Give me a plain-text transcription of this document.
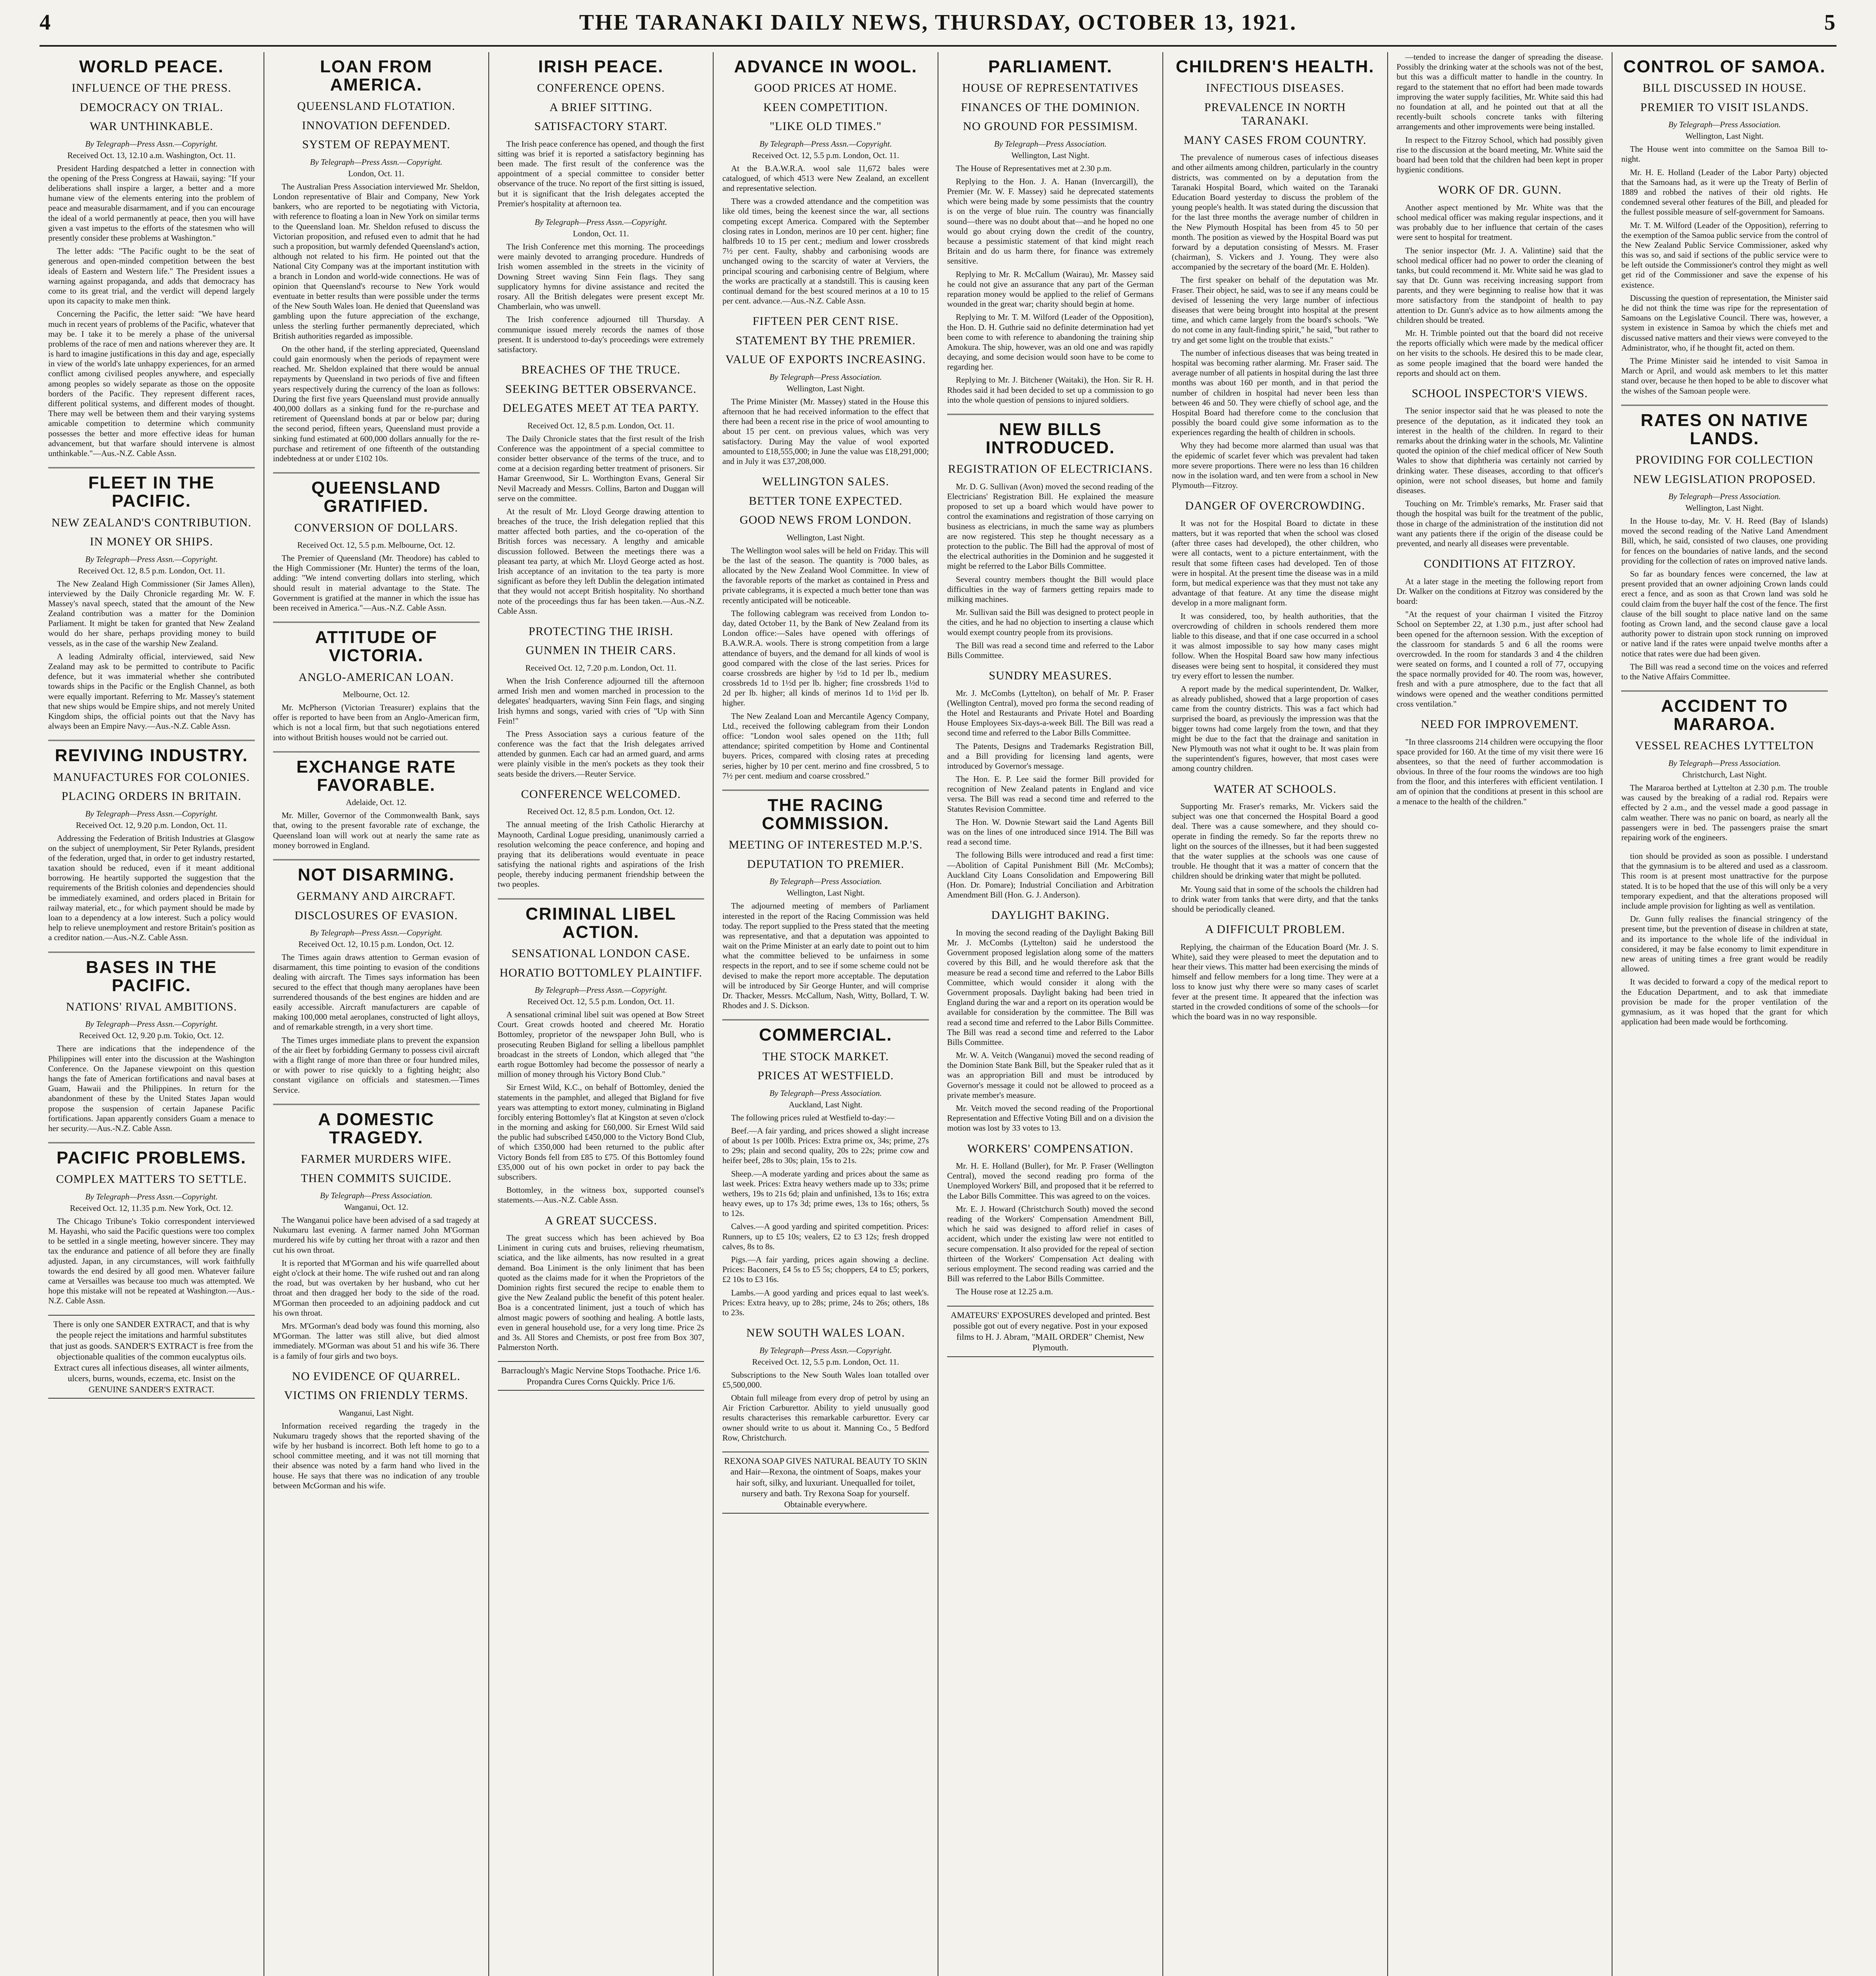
4	THE TARANAKI DAILY NEWS, THURSDAY, OCTOBER 13, 1921.	5
WORLD PEACE.
INFLUENCE OF THE PRESS.
DEMOCRACY ON TRIAL.
WAR UNTHINKABLE.
By Telegraph—Press Assn.—Copyright.
Received Oct. 13, 12.10 a.m. Washington, Oct. 11.

President Harding despatched a letter in connection with the opening of the Press Congress at Hawaii, saying: "If your deliberations shall inspire a larger, a better and a more humane view of the elements entering into the problem of peace and measurable disarmament, and if you can encourage the ideal of a world permanently at peace, then you will have given a vast impetus to the efforts of the statesmen who will presently consider these problems at Washington."

The letter adds: "The Pacific ought to be the seat of generous and open-minded competition between the best ideals of Eastern and Western life." The President issues a warning against propaganda, and adds that democracy has come to its great trial, and the verdict will depend largely upon its capacity to make men think.

Concerning the Pacific, the letter said: "We have heard much in recent years of problems of the Pacific, whatever that may be. I take it to be merely a phase of the universal problems of the race of men and nations wherever they are. It is hard to imagine justifications in this day and age, especially in view of the world's late unhappy experiences, for an armed conflict among civilised peoples anywhere, and especially among peoples so widely separate as those on the opposite borders of the Pacific. They represent different races, different political systems, and different modes of thought. There may well be between them and their varying systems amicable competition to determine which community possesses the better and more effective ideas for human advancement, but that warfare should intervene is almost unthinkable."—Aus.-N.Z. Cable Assn.

FLEET IN THE PACIFIC.
NEW ZEALAND'S CONTRIBUTION.
IN MONEY OR SHIPS.
By Telegraph—Press Assn.—Copyright.
Received Oct. 12, 8.5 p.m. London, Oct. 11.

The New Zealand High Commissioner (Sir James Allen), interviewed by the Daily Chronicle regarding Mr. W. F. Massey's naval speech, stated that the amount of the New Zealand contribution was a matter for the Dominion Parliament. It might be taken for granted that New Zealand would do her share, perhaps providing money to build vessels, as in the case of the warship New Zealand.

A leading Admiralty official, interviewed, said New Zealand may ask to be permitted to contribute to Pacific defence, but it was immaterial whether she contributed towards ships in the Pacific or the English Channel, as both were equally important. Referring to Mr. Massey's statement that new ships would be Empire ships, and not merely United Kingdom ships, the official points out that the Navy has always been an Empire Navy.—Aus.-N.Z. Cable Assn.

REVIVING INDUSTRY.
MANUFACTURES FOR COLONIES.
PLACING ORDERS IN BRITAIN.
By Telegraph—Press Assn.—Copyright.
Received Oct. 12, 9.20 p.m. London, Oct. 11.

Addressing the Federation of British Industries at Glasgow on the subject of unemployment, Sir Peter Rylands, president of the federation, urged that, in order to get industry restarted, taxation should be reduced, even if it meant additional borrowing. He heartily supported the suggestion that the requirements of the British colonies and dependencies should be immediately examined, and orders placed in Britain for railway material, etc., for which payment should be made by loan to a dependency at a low interest. Such a policy would help to relieve unemployment and restore Britain's position as a creditor nation.—Aus.-N.Z. Cable Assn.

BASES IN THE PACIFIC.
NATIONS' RIVAL AMBITIONS.
By Telegraph—Press Assn.—Copyright.
Received Oct. 12, 9.20 p.m. Tokio, Oct. 12.

There are indications that the independence of the Philippines will enter into the discussion at the Washington Conference. On the Japanese viewpoint on this question hangs the fate of American fortifications and naval bases at Guam, Hawaii and the Philippines. In return for the abandonment of these by the United States Japan would propose the suspension of certain Japanese Pacific fortifications. Japan apparently considers Guam a menace to her security.—Aus.-N.Z. Cable Assn.

PACIFIC PROBLEMS.
COMPLEX MATTERS TO SETTLE.
By Telegraph—Press Assn.—Copyright.
Received Oct. 12, 11.35 p.m. New York, Oct. 12.

The Chicago Tribune's Tokio correspondent interviewed M. Hayashi, who said the Pacific questions were too complex to be settled in a single meeting, however sincere. They may tax the endurance and patience of all before they are finally adjusted. Japan, in any circumstances, will work faithfully towards the end desired by all good men. Whatever failure came at Versailles was because too much was attempted. We hope this mistake will not be repeated at Washington.—Aus.-N.Z. Cable Assn.

There is only one SANDER EXTRACT, and that is why the people reject the imitations and harmful substitutes that just as goods. SANDER'S EXTRACT is free from the objectionable qualities of the common eucalyptus oils. Extract cures all infectious diseases, all winter ailments, ulcers, burns, wounds, eczema, etc. Insist on the GENUINE SANDER'S EXTRACT.
LOAN FROM AMERICA.
QUEENSLAND FLOTATION.
INNOVATION DEFENDED.
SYSTEM OF REPAYMENT.
By Telegraph—Press Assn.—Copyright.
London, Oct. 11.

The Australian Press Association interviewed Mr. Sheldon, London representative of Blair and Company, New York bankers, who are reported to be negotiating with Victoria, with reference to floating a loan in New York on similar terms to the Queensland loan. Mr. Sheldon refused to discuss the Victorian proposition, and refused even to admit that he had such a proposition, but warmly defended Queensland's action, although not related to his firm. He pointed out that the National City Company was at the important institution with a branch in London and world-wide connections. He was of opinion that Queensland's recourse to New York would eventuate in better results than were possible under the terms of the New South Wales loan. He denied that Queensland was gambling upon the future appreciation of the exchange, unless the sterling further permanently depreciated, which British authorities regarded as impossible.

On the other hand, if the sterling appreciated, Queensland could gain enormously when the periods of repayment were reached. Mr. Sheldon explained that there would be annual repayments by Queensland in two periods of five and fifteen years respectively during the currency of the loan as follows: During the first five years Queensland must provide annually 400,000 dollars as a sinking fund for the re-purchase and retirement of Queensland bonds at par or below par; during the second period, fifteen years, Queensland must provide a sinking fund estimated at 600,000 dollars annually for the re-purchase and retirement of one fifteenth of the outstanding indebtedness at or under £102 10s.

QUEENSLAND GRATIFIED.
CONVERSION OF DOLLARS.
Received Oct. 12, 5.5 p.m. Melbourne, Oct. 12.

The Premier of Queensland (Mr. Theodore) has cabled to the High Commissioner (Mr. Hunter) the terms of the loan, adding: "We intend converting dollars into sterling, which should result in material advantage to the State. The Government is gratified at the manner in which the issue has been received in America."—Aus.-N.Z. Cable Assn.

ATTITUDE OF VICTORIA.
ANGLO-AMERICAN LOAN.
Melbourne, Oct. 12.

Mr. McPherson (Victorian Treasurer) explains that the offer is reported to have been from an Anglo-American firm, which is not a local firm, but that such negotiations entered into without British houses would not be carried out.

EXCHANGE RATE FAVORABLE.
Adelaide, Oct. 12.

Mr. Miller, Governor of the Commonwealth Bank, says that, owing to the present favorable rate of exchange, the Queensland loan will work out at nearly the same rate as money borrowed in England.

NOT DISARMING.
GERMANY AND AIRCRAFT.
DISCLOSURES OF EVASION.
By Telegraph—Press Assn.—Copyright.
Received Oct. 12, 10.15 p.m. London, Oct. 12.

The Times again draws attention to German evasion of disarmament, this time pointing to evasion of the conditions dealing with aircraft. The Times says information has been secured to the effect that though many aeroplanes have been surrendered thousands of the best engines are hidden and are easily accessible. Aircraft manufacturers are capable of making 100,000 metal aeroplanes, constructed of light alloys, and of remarkable strength, in a very short time.

The Times urges immediate plans to prevent the expansion of the air fleet by forbidding Germany to possess civil aircraft with a flight range of more than three or four hundred miles, or with power to rise quickly to a fighting height; also constant vigilance on officials and statesmen.—Times Service.

A DOMESTIC TRAGEDY.
FARMER MURDERS WIFE.
THEN COMMITS SUICIDE.
By Telegraph—Press Association.
Wanganui, Oct. 12.

The Wanganui police have been advised of a sad tragedy at Nukumaru last evening. A farmer named John M'Gorman murdered his wife by cutting her throat with a razor and then cut his own throat.

It is reported that M'Gorman and his wife quarrelled about eight o'clock at their home. The wife rushed out and ran along the road, but was overtaken by her husband, who cut her throat and then dragged her body to the side of the road. M'Gorman then proceeded to an adjoining paddock and cut his own throat.

Mrs. M'Gorman's dead body was found this morning, also M'Gorman. The latter was still alive, but died almost immediately. M'Gorman was about 51 and his wife 36. There is a family of four girls and two boys.

NO EVIDENCE OF QUARREL.
VICTIMS ON FRIENDLY TERMS.
Wanganui, Last Night.

Information received regarding the tragedy in the Nukumaru tragedy shows that the reported shaving of the wife by her husband is incorrect. Both left home to go to a school committee meeting, and it was not till morning that their absence was noted by a farm hand who lived in the house. He says that there was no indication of any trouble between McGorman and his wife.

IRISH PEACE.
CONFERENCE OPENS.
A BRIEF SITTING.
SATISFACTORY START.

The Irish peace conference has opened, and though the first sitting was brief it is reported a satisfactory beginning has been made. The first result of the conference was the appointment of a special committee to consider better observance of the truce. No report of the first sitting is issued, but it is significant that the Irish delegates accepted the Premier's hospitality at afternoon tea.

By Telegraph—Press Assn.—Copyright.
London, Oct. 11.

The Irish Conference met this morning. The proceedings were mainly devoted to arranging procedure. Hundreds of Irish women assembled in the streets in the vicinity of Downing Street waving Sinn Fein flags. They sang supplicatory hymns for divine assistance and recited the rosary. All the British delegates were present except Mr. Chamberlain, who was unwell.

The Irish conference adjourned till Thursday. A communique issued merely records the names of those present. It is understood to-day's proceedings were extremely satisfactory.

BREACHES OF THE TRUCE.
SEEKING BETTER OBSERVANCE.
DELEGATES MEET AT TEA PARTY.
Received Oct. 12, 8.5 p.m. London, Oct. 11.

The Daily Chronicle states that the first result of the Irish Conference was the appointment of a special committee to consider better observance of the terms of the truce, and to come at a decision regarding better treatment of prisoners. Sir Hamar Greenwood, Sir L. Worthington Evans, General Sir Nevil Macready and Messrs. Collins, Barton and Duggan will serve on the committee.

At the result of Mr. Lloyd George drawing attention to breaches of the truce, the Irish delegation replied that this matter affected both parties, and the co-operation of the British forces was necessary. A lengthy and amicable discussion followed. Between the meetings there was a pleasant tea party, at which Mr. Lloyd George acted as host. Irish acceptance of an invitation to the tea party is more significant as before they left Dublin the delegation intimated that they would not accept British hospitality. No shorthand note of the proceedings thus far has been taken.—Aus.-N.Z. Cable Assn.

PROTECTING THE IRISH.
GUNMEN IN THEIR CARS.
Received Oct. 12, 7.20 p.m. London, Oct. 11.

When the Irish Conference adjourned till the afternoon armed Irish men and women marched in procession to the delegates' headquarters, waving Sinn Fein flags, and singing Irish hymns and songs, varied with cries of "Up with Sinn Fein!"

The Press Association says a curious feature of the conference was the fact that the Irish delegates arrived attended by gunmen. Each car had an armed guard, and arms were plainly visible in the men's pockets as they took their seats beside the drivers.—Reuter Service.

CONFERENCE WELCOMED.
Received Oct. 12, 8.5 p.m. London, Oct. 12.

The annual meeting of the Irish Catholic Hierarchy at Maynooth, Cardinal Logue presiding, unanimously carried a resolution welcoming the peace conference, and hoping and praying that its deliberations would eventuate in peace satisfying the national rights and aspirations of the Irish people, thereby inducing permanent friendship between the two peoples.

CRIMINAL LIBEL ACTION.
SENSATIONAL LONDON CASE.
HORATIO BOTTOMLEY PLAINTIFF.
By Telegraph—Press Assn.—Copyright.
Received Oct. 12, 5.5 p.m. London, Oct. 11.

A sensational criminal libel suit was opened at Bow Street Court. Great crowds hooted and cheered Mr. Horatio Bottomley, proprietor of the newspaper John Bull, who is prosecuting Reuben Bigland for selling a libellous pamphlet broadcast in the streets of London, which alleged that "the earth rogue Bottomley had become the possessor of nearly a million of money through his Victory Bond Club."

Sir Ernest Wild, K.C., on behalf of Bottomley, denied the statements in the pamphlet, and alleged that Bigland for five years was attempting to extort money, culminating in Bigland forcibly entering Bottomley's flat at Kingston at seven o'clock in the morning and asking for £60,000. Sir Ernest Wild said the public had subscribed £450,000 to the Victory Bond Club, of which £350,000 had been returned to the public after Victory Bonds fell from £85 to £75. Of this Bottomley found £35,000 out of his own pocket in order to pay back the subscribers.

Bottomley, in the witness box, supported counsel's statements.—Aus.-N.Z. Cable Assn.

A GREAT SUCCESS.

The great success which has been achieved by Boa Liniment in curing cuts and bruises, relieving rheumatism, sciatica, and the like ailments, has now resulted in a great demand. Boa Liniment is the only liniment that has been quoted as the claims made for it when the Proprietors of the Dominion rights first secured the recipe to enable them to give the New Zealand public the benefit of this potent healer. Boa is a concentrated liniment, just a touch of which has almost magic powers of soothing and healing. A bottle lasts, even in general household use, for a very long time. Price 2s and 3s. All Stores and Chemists, or post free from Box 307, Palmerston North.

Barraclough's Magic Nervine Stops Toothache. Price 1/6. Propandra Cures Corns Quickly. Price 1/6.
ADVANCE IN WOOL.
GOOD PRICES AT HOME.
KEEN COMPETITION.
"LIKE OLD TIMES."
By Telegraph—Press Assn.—Copyright.
Received Oct. 12, 5.5 p.m. London, Oct. 11.

At the B.A.W.R.A. wool sale 11,672 bales were catalogued, of which 4513 were New Zealand, an excellent and representative selection.

There was a crowded attendance and the competition was like old times, being the keenest since the war, all sections competing except America. Compared with the September closing rates in London, merinos are 10 per cent. higher; fine halfbreds 10 to 15 per cent.; medium and lower crossbreds 7½ per cent. Faulty, shabby and carbonising woods are unchanged owing to the scarcity of water at Verviers, the principal scouring and carbonising centre of Belgium, where the works are practically at a standstill. This is causing keen continual demand for the best scoured merinos at a 10 to 15 per cent. advance.—Aus.-N.Z. Cable Assn.

FIFTEEN PER CENT RISE.
STATEMENT BY THE PREMIER.
VALUE OF EXPORTS INCREASING.
By Telegraph—Press Association.
Wellington, Last Night.

The Prime Minister (Mr. Massey) stated in the House this afternoon that he had received information to the effect that there had been a recent rise in the price of wool amounting to about 15 per cent. on previous values, which was very satisfactory. During May the value of wool exported amounted to £18,555,000; in June the value was £18,291,000; and in July it was £37,208,000.

WELLINGTON SALES.
BETTER TONE EXPECTED.
GOOD NEWS FROM LONDON.
Wellington, Last Night.

The Wellington wool sales will be held on Friday. This will be the last of the season. The quantity is 7000 bales, as allocated by the New Zealand Wool Committee. In view of the favorable reports of the market as contained in Press and private cablegrams, it is expected a much better tone than was recently anticipated will be noticeable.

The following cablegram was received from London to-day, dated October 11, by the Bank of New Zealand from its London office:—Sales have opened with offerings of B.A.W.R.A. wools. There is strong competition from a large attendance of buyers, and the demand for all kinds of wool is good compared with the close of the last series. Prices for coarse crossbreds are higher by ½d to 1d per lb., medium crossbreds 1d to 1½d per lb. higher; fine crossbreds 1½d to 2d per lb. higher; all kinds of merinos 1d to 1½d per lb. higher.

The New Zealand Loan and Mercantile Agency Company, Ltd., received the following cablegram from their London office: "London wool sales opened on the 11th; full attendance; spirited competition by Home and Continental buyers. Prices, compared with closing rates at preceding series, higher by 10 per cent. merino and fine crossbred, 5 to 7½ per cent. medium and coarse crossbred."

THE RACING COMMISSION.
MEETING OF INTERESTED M.P.'S.
DEPUTATION TO PREMIER.
By Telegraph—Press Association.
Wellington, Last Night.

The adjourned meeting of members of Parliament interested in the report of the Racing Commission was held today. The report supplied to the Press stated that the meeting was representative, and that a deputation was appointed to wait on the Prime Minister at an early date to point out to him what the committee believed to be unfairness in some respects in the report, and to see if some scheme could not be devised to make the report more acceptable. The deputation will be introduced by Sir George Hunter, and will comprise Dr. Thacker, Messrs. McCallum, Nash, Witty, Bollard, T. W. Rhodes and J. S. Dickson.

COMMERCIAL.
THE STOCK MARKET.
PRICES AT WESTFIELD.
By Telegraph—Press Association.
Auckland, Last Night.

The following prices ruled at Westfield to-day:—

Beef.—A fair yarding, and prices showed a slight increase of about 1s per 100lb. Prices: Extra prime ox, 34s; prime, 27s to 29s; plain and second quality, 20s to 22s; prime cow and heifer beef, 28s to 30s; plain, 15s to 21s.

Sheep.—A moderate yarding and prices about the same as last week. Prices: Extra heavy wethers made up to 33s; prime wethers, 19s to 21s 6d; plain and unfinished, 13s to 16s; extra heavy ewes, up to 17s 3d; prime ewes, 13s to 16s; others, 5s to 12s.

Calves.—A good yarding and spirited competition. Prices: Runners, up to £5 10s; vealers, £2 to £3 12s; fresh dropped calves, 8s to 8s.

Pigs.—A fair yarding, prices again showing a decline. Prices: Baconers, £4 5s to £5 5s; choppers, £4 to £5; porkers, £2 10s to £3 16s.

Lambs.—A good yarding and prices equal to last week's. Prices: Extra heavy, up to 28s; prime, 24s to 26s; others, 18s to 23s.

NEW SOUTH WALES LOAN.
By Telegraph—Press Assn.—Copyright.
Received Oct. 12, 5.5 p.m. London, Oct. 11.

Subscriptions to the New South Wales loan totalled over £5,500,000.

Obtain full mileage from every drop of petrol by using an Air Friction Carburettor. Ability to yield unusually good results characterises this remarkable carburettor. Every car owner should write to us about it. Manning Co., 5 Bedford Row, Christchurch.

REXONA SOAP GIVES NATURAL BEAUTY TO SKIN and Hair—Rexona, the ointment of Soaps, makes your hair soft, silky, and luxuriant. Unequalled for toilet, nursery and bath. Try Rexona Soap for yourself. Obtainable everywhere.
PARLIAMENT.
HOUSE OF REPRESENTATIVES
FINANCES OF THE DOMINION.
NO GROUND FOR PESSIMISM.
By Telegraph—Press Association.
Wellington, Last Night.

The House of Representatives met at 2.30 p.m.

Replying to the Hon. J. A. Hanan (Invercargill), the Premier (Mr. W. F. Massey) said he deprecated statements which were being made by some pessimists that the country is on the verge of blue ruin. The country was financially sound—there was no doubt about that—and he hoped no one would go about crying down the credit of the country, because a pessimistic statement of that kind might reach Britain and do us harm there, for finance was extremely sensitive.

Replying to Mr. R. McCallum (Wairau), Mr. Massey said he could not give an assurance that any part of the German reparation money would be applied to the relief of Germans wounded in the great war; charity should begin at home.

Replying to Mr. T. M. Wilford (Leader of the Opposition), the Hon. D. H. Guthrie said no definite determination had yet been come to with reference to abandoning the training ship Amokura. The ship, however, was an old one and was rapidly decaying, and some decision would soon have to be come to regarding her.

Replying to Mr. J. Bitchener (Waitaki), the Hon. Sir R. H. Rhodes said it had been decided to set up a commission to go into the whole question of pensions to injured soldiers.

NEW BILLS INTRODUCED.
REGISTRATION OF ELECTRICIANS.

Mr. D. G. Sullivan (Avon) moved the second reading of the Electricians' Registration Bill. He explained the measure proposed to set up a board which would have power to control the examinations and registration of those carrying on business as electricians, in much the same way as plumbers are now registered. This step he thought necessary as a protection to the public. The Bill had the approval of most of the electrical authorities in the Dominion and he suggested it might be referred to the Labor Bills Committee.

Several country members thought the Bill would place difficulties in the way of farmers getting repairs made to milking machines.

Mr. Sullivan said the Bill was designed to protect people in the cities, and he had no objection to inserting a clause which would exempt country people from its provisions.

The Bill was read a second time and referred to the Labor Bills Committee.

SUNDRY MEASURES.

Mr. J. McCombs (Lyttelton), on behalf of Mr. P. Fraser (Wellington Central), moved pro forma the second reading of the Hotel and Restaurants and Private Hotel and Boarding House Employees Six-days-a-week Bill. The Bill was read a second time and referred to the Labor Bills Committee.

The Patents, Designs and Trademarks Registration Bill, and a Bill providing for licensing land agents, were introduced by Governor's message.

The Hon. E. P. Lee said the former Bill provided for recognition of New Zealand patents in England and vice versa. The Bill was read a second time and referred to the Statutes Revision Committee.

The Hon. W. Downie Stewart said the Land Agents Bill was on the lines of one introduced since 1914. The Bill was read a second time.

The following Bills were introduced and read a first time:—Abolition of Capital Punishment Bill (Mr. McCombs); Auckland City Loans Consolidation and Empowering Bill (Hon. Dr. Pomare); Industrial Conciliation and Arbitration Amendment Bill (Hon. G. J. Anderson).

DAYLIGHT BAKING.

In moving the second reading of the Daylight Baking Bill Mr. J. McCombs (Lyttelton) said he understood the Government proposed legislation along some of the matters covered by this Bill, and he would therefore ask that the measure be read a second time and referred to the Labor Bills Committee, which would consider it along with the Government proposals. Daylight baking had been tried in England during the war and a report on its operation would be available for consideration by the committee. The Bill was read a second time and referred to the Labor Bills Committee. The Bill was read a second time and referred to the Labor Bills Committee.

Mr. W. A. Veitch (Wanganui) moved the second reading of the Dominion State Bank Bill, but the Speaker ruled that as it was an appropriation Bill and must be introduced by Governor's message it could not be allowed to proceed as a private member's measure.

Mr. Veitch moved the second reading of the Proportional Representation and Effective Voting Bill and on a division the motion was lost by 33 votes to 13.

WORKERS' COMPENSATION.

Mr. H. E. Holland (Buller), for Mr. P. Fraser (Wellington Central), moved the second reading pro forma of the Unemployed Workers' Bill, and proposed that it be referred to the Labor Bills Committee. This was agreed to on the voices.

Mr. E. J. Howard (Christchurch South) moved the second reading of the Workers' Compensation Amendment Bill, which he said was designed to afford relief in cases of accident, which under the existing law were not entitled to secure compensation. It also provided for the repeal of section thirteen of the Workers' Compensation Act dealing with serious employment. The second reading was carried and the Bill was referred to the Labor Bills Committee.

The House rose at 12.25 a.m.

AMATEURS' EXPOSURES developed and printed. Best possible got out of every negative. Post in your exposed films to H. J. Abram, "MAIL ORDER" Chemist, New Plymouth.
CHILDREN'S HEALTH.
INFECTIOUS DISEASES.
PREVALENCE IN NORTH TARANAKI.
MANY CASES FROM COUNTRY.

The prevalence of numerous cases of infectious diseases and other ailments among children, particularly in the country districts, was commented on by a deputation from the Taranaki Hospital Board, which waited on the Taranaki Education Board yesterday to discuss the problem of the young people's health. It was stated during the discussion that for the last three months the average number of children in the New Plymouth Hospital has been from 45 to 50 per month. The position as viewed by the Hospital Board was put forward by a deputation consisting of Messrs. M. Fraser (chairman), S. Vickers and J. Young. They were also accompanied by the secretary of the board (Mr. E. Holden).

The first speaker on behalf of the deputation was Mr. Fraser. Their object, he said, was to see if any means could be devised of lessening the very large number of infectious diseases that were being brought into hospital at the present time, and which came largely from the board's schools. "We do not come in any fault-finding spirit," he said, "but rather to try and get some light on the trouble that exists."

The number of infectious diseases that was being treated in hospital was becoming rather alarming. Mr. Fraser said. The average number of all patients in hospital during the last three months was about 160 per month, and in that period the number of children in hospital had never been less than between 46 and 50. They were chiefly of school age, and the Hospital Board had therefore come to the conclusion that possibly the board could give some information as to the experiences regarding the health of children in schools.

Why they had become more alarmed than usual was that the epidemic of scarlet fever which was prevalent had taken more severe proportions. There were no less than 16 children now in the isolation ward, and ten were from a school in New Plymouth—Fitzroy.

DANGER OF OVERCROWDING.

It was not for the Hospital Board to dictate in these matters, but it was reported that when the school was closed (after three cases had developed), the other children, who were all contacts, went to a picture entertainment, with the result that some fifteen cases had developed. Ten of those were in hospital. At the present time the disease was in a mild form, but medical experience was that they must not take any advantage of that feature. At any time the disease might develop in a more malignant form.

It was considered, too, by health authorities, that the overcrowding of children in schools rendered them more liable to this disease, and that if one case occurred in a school it was almost impossible to say how many cases might follow. When the Hospital Board saw how many infectious diseases were being sent to hospital, it considered they must try every effort to lessen the number.

A report made by the medical superintendent, Dr. Walker, as already published, showed that a large proportion of cases came from the country districts. This was a fact which had surprised the board, as previously the impression was that the bigger towns had come largely from the town, and that they might be due to the fact that the drainage and sanitation in New Plymouth was not what it ought to be. It was plain from the superintendent's figures, however, that most cases were among country children.

WATER AT SCHOOLS.

Supporting Mr. Fraser's remarks, Mr. Vickers said the subject was one that concerned the Hospital Board a good deal. There was a cause somewhere, and they should co-operate in finding the remedy. So far the reports threw no light on the sources of the illnesses, but it had been suggested that the water supplies at the schools was one cause of trouble. He thought that it was a matter of concern that the children should be drinking water that might be polluted.

Mr. Young said that in some of the schools the children had to drink water from tanks that were dirty, and that the tanks should be periodically cleaned.

A DIFFICULT PROBLEM.

Replying, the chairman of the Education Board (Mr. J. S. White), said they were pleased to meet the deputation and to hear their views. This matter had been exercising the minds of himself and fellow members for a long time. They were at a loss to know just why there were so many cases of scarlet fever at the present time. It appeared that the infection was started in the crowded conditions of some of the schools—for which the board was in no way responsible.

—tended to increase the danger of spreading the disease. Possibly the drinking water at the schools was not of the best, but this was a difficult matter to handle in the country. In regard to the statement that no effort had been made towards improving the water supply facilities, Mr. White said this had no foundation at all, and he pointed out that at all the recently-built schools concrete tanks with filtering arrangements and other improvements were being installed.

In respect to the Fitzroy School, which had possibly given rise to the discussion at the board meeting, Mr. White said the board had been told that the children had been kept in proper hygienic conditions.

WORK OF DR. GUNN.

Another aspect mentioned by Mr. White was that the school medical officer was making regular inspections, and it was probably due to her influence that certain of the cases were sent to hospital for treatment.

The senior inspector (Mr. J. A. Valintine) said that the school medical officer had no power to order the cleaning of tanks, but could recommend it. Mr. White said he was glad to say that Dr. Gunn was receiving increasing support from parents, and they were beginning to realise how that it was more satisfactory from the standpoint of health to pay attention to Dr. Gunn's advice as to how ailments among the children should be treated.

Mr. H. Trimble pointed out that the board did not receive the reports officially which were made by the medical officer on her visits to the schools. He desired this to be made clear, as some people imagined that the board were handed the reports and should act on them.

SCHOOL INSPECTOR'S VIEWS.

The senior inspector said that he was pleased to note the presence of the deputation, as it indicated they took an interest in the health of the children. In regard to their remarks about the drinking water in the schools, Mr. Valintine quoted the opinion of the chief medical officer of New South Wales to show that diphtheria was certainly not carried by drinking water. These diseases, according to that officer's opinion, were not school diseases, but home and family diseases.

Touching on Mr. Trimble's remarks, Mr. Fraser said that though the hospital was built for the treatment of the public, those in charge of the administration of the institution did not want any patients there if the origin of the disease could be prevented, and nearly all diseases were preventable.

CONDITIONS AT FITZROY.

At a later stage in the meeting the following report from Dr. Walker on the conditions at Fitzroy was considered by the board:

"At the request of your chairman I visited the Fitzroy School on September 22, at 1.30 p.m., just after school had been opened for the afternoon session. With the exception of the classroom for standards 5 and 6 all the rooms were overcrowded. In the room for standards 3 and 4 the children were seated on forms, and I counted a roll of 77, occupying the space normally provided for 40. The room was, however, fresh and with a pure atmosphere, due to the fact that all windows were opened and the weather conditions permitted cross ventilation."

NEED FOR IMPROVEMENT.

"In three classrooms 214 children were occupying the floor space provided for 160. At the time of my visit there were 16 absentees, so that the need of further accommodation is obvious. In three of the four rooms the windows are too high from the floor, and this interferes with efficient ventilation. I am of opinion that the conditions at present in this school are a menace to the health of the children."

CONTROL OF SAMOA.
BILL DISCUSSED IN HOUSE.
PREMIER TO VISIT ISLANDS.
By Telegraph—Press Association.
Wellington, Last Night.

The House went into committee on the Samoa Bill to-night.

Mr. H. E. Holland (Leader of the Labor Party) objected that the Samoans had, as it were up the Treaty of Berlin of 1889 and robbed the natives of their old rights. He condemned several other features of the Bill, and pleaded for the fullest possible measure of self-government for Samoans.

Mr. T. M. Wilford (Leader of the Opposition), referring to the exemption of the Samoa public service from the control of the New Zealand Public Service Commissioner, asked why this was so, and said if sections of the public service were to be left outside the Commissioner's control they might as well get rid of the Commissioner and save the expense of his existence.

Discussing the question of representation, the Minister said he did not think the time was ripe for the representation of Samoans on the Legislative Council. There was, however, a system in existence in Samoa by which the chiefs met and discussed native matters and their views were conveyed to the Administrator, who, if he thought fit, acted on them.

The Prime Minister said he intended to visit Samoa in March or April, and would ask members to let this matter stand over, because he then hoped to be able to discover what the wishes of the Samoan people were.

RATES ON NATIVE LANDS.
PROVIDING FOR COLLECTION
NEW LEGISLATION PROPOSED.
By Telegraph—Press Association.
Wellington, Last Night.

In the House to-day, Mr. V. H. Reed (Bay of Islands) moved the second reading of the Native Land Amendment Bill, which, he said, consisted of two clauses, one providing for fences on the boundaries of native lands, and the second providing for the collection of rates on improved native lands.

So far as boundary fences were concerned, the law at present provided that an owner adjoining Crown lands could erect a fence, and as soon as that Crown land was sold he could claim from the buyer half the cost of the fence. The first clause of the bill sought to place native land on the same footing as Crown land, and the second clause gave a local authority power to distrain upon stock running on improved or native land if the rates were unpaid twelve months after a notice that rates were due had been given.

The Bill was read a second time on the voices and referred to the Native Affairs Committee.

ACCIDENT TO MARAROA.
VESSEL REACHES LYTTELTON
By Telegraph—Press Association.
Christchurch, Last Night.

The Mararoa berthed at Lyttelton at 2.30 p.m. The trouble was caused by the breaking of a radial rod. Repairs were effected by 2 a.m., and the vessel made a good passage in calm weather. There was no panic on board, as nearly all the passengers were in bed. The passengers praise the smart repairing work of the engineers.

tion should be provided as soon as possible. I understand that the gymnasium is to be altered and used as a classroom. This room is at present most unattractive for the purpose stated. It is to be hoped that the use of this will only be a very temporary expedient, and that the alterations proposed will include ample provision for lighting as well as ventilation.

Dr. Gunn fully realises the financial stringency of the present time, but the prevention of disease in children at state, and its importance to the whole life of the individual in considered, it may be false economy to limit expenditure in new areas of uniting times a free grant would be readily allowed.

It was decided to forward a copy of the medical report to the Education Department, and to ask that immediate provision be made for the proper ventilation of the gymnasium, as it was hoped that the grant for which application had been made would be forthcoming.
